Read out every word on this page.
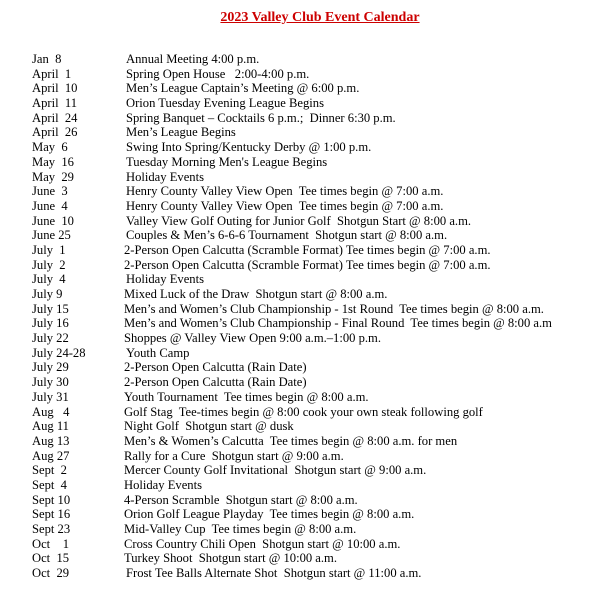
2023 Valley Club Event Calendar
Jan  8	Annual Meeting 4:00 p.m.
April  1	Spring Open House   2:00-4:00 p.m.
April  10	Men’s League Captain’s Meeting @ 6:00 p.m.
April  11	Orion Tuesday Evening League Begins
April  24	Spring Banquet – Cocktails 6 p.m.;  Dinner 6:30 p.m.
April  26	Men’s League Begins
May  6	Swing Into Spring/Kentucky Derby @ 1:00 p.m.
May  16	Tuesday Morning Men's League Begins
May  29	Holiday Events
June  3	Henry County Valley View Open  Tee times begin @ 7:00 a.m.
June  4	Henry County Valley View Open  Tee times begin @ 7:00 a.m.
June  10	Valley View Golf Outing for Junior Golf  Shotgun Start @ 8:00 a.m.
June 25	Couples & Men’s 6-6-6 Tournament  Shotgun start @ 8:00 a.m.
July  1	2-Person Open Calcutta (Scramble Format) Tee times begin @ 7:00 a.m.
July  2	2-Person Open Calcutta (Scramble Format) Tee times begin @ 7:00 a.m.
July  4	Holiday Events
July 9	Mixed Luck of the Draw  Shotgun start @ 8:00 a.m.
July 15	Men’s and Women’s Club Championship - 1st Round  Tee times begin @ 8:00 a.m.
July 16	Men’s and Women’s Club Championship - Final Round  Tee times begin @ 8:00 a.m
July 22	Shoppes @ Valley View Open 9:00 a.m.–1:00 p.m.
July 24-28	Youth Camp
July 29	2-Person Open Calcutta (Rain Date)
July 30	2-Person Open Calcutta (Rain Date)
July 31	Youth Tournament  Tee times begin @ 8:00 a.m.
Aug   4	Golf Stag  Tee-times begin @ 8:00 cook your own steak following golf
Aug 11	Night Golf  Shotgun start @ dusk
Aug 13	Men’s & Women’s Calcutta  Tee times begin @ 8:00 a.m. for men
Aug 27	Rally for a Cure  Shotgun start @ 9:00 a.m.
Sept  2	Mercer County Golf Invitational  Shotgun start @ 9:00 a.m.
Sept  4	Holiday Events
Sept 10	4-Person Scramble  Shotgun start @ 8:00 a.m.
Sept 16	Orion Golf League Playday  Tee times begin @ 8:00 a.m.
Sept 23	Mid-Valley Cup  Tee times begin @ 8:00 a.m.
Oct    1	Cross Country Chili Open  Shotgun start @ 10:00 a.m.
Oct  15	Turkey Shoot  Shotgun start @ 10:00 a.m.
Oct  29	Frost Tee Balls Alternate Shot  Shotgun start @ 11:00 a.m.
